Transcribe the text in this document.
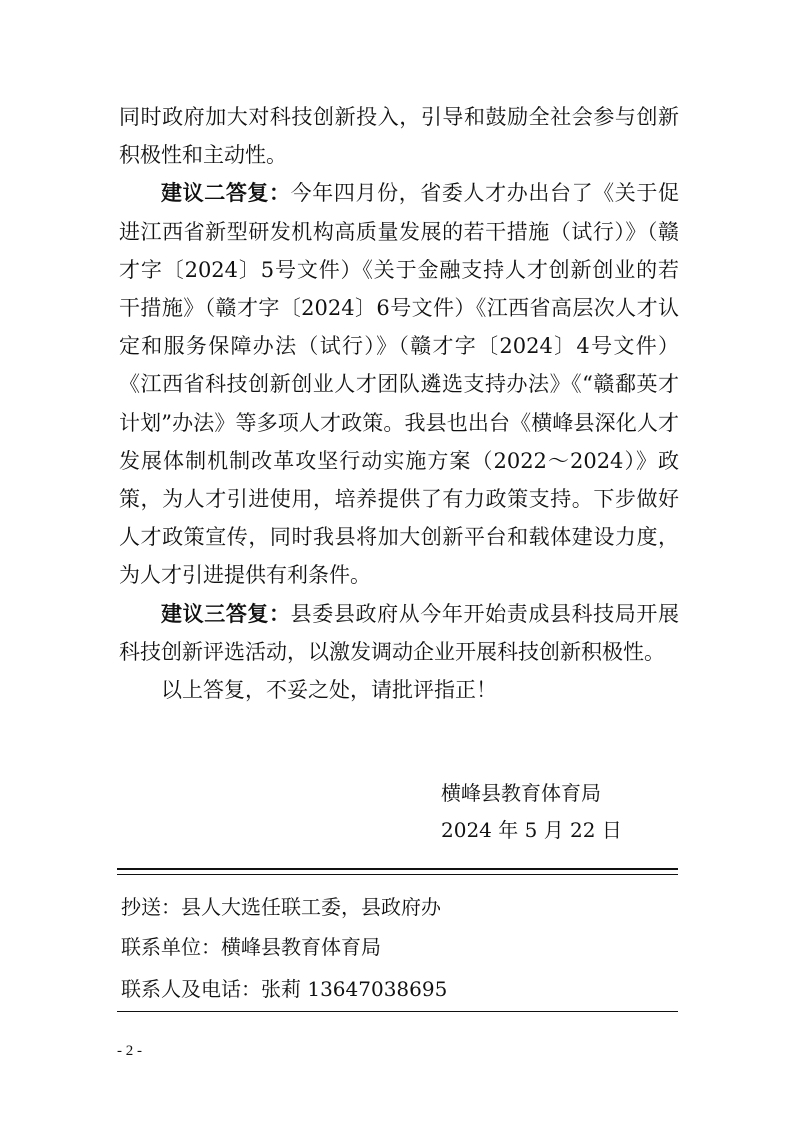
同时政府加大对科技创新投入，引导和鼓励全社会参与创新积极性和主动性。

建议二答复：今年四月份，省委人才办出台了《关于促进江西省新型研发机构高质量发展的若干措施（试行）》（赣才字〔2024〕5号文件）《关于金融支持人才创新创业的若干措施》（赣才字〔2024〕6号文件）《江西省高层次人才认定和服务保障办法（试行）》（赣才字〔2024〕4号文件）《江西省科技创新创业人才团队遴选支持办法》《“赣鄱英才计划”办法》等多项人才政策。我县也出台《横峰县深化人才发展体制机制改革攻坚行动实施方案（2022～2024）》政策，为人才引进使用，培养提供了有力政策支持。下步做好人才政策宣传，同时我县将加大创新平台和载体建设力度，为人才引进提供有利条件。

建议三答复：县委县政府从今年开始责成县科技局开展科技创新评选活动，以激发调动企业开展科技创新积极性。

以上答复，不妥之处，请批评指正！

横峰县教育体育局
2024 年 5 月 22 日
抄送：县人大选任联工委，县政府办
联系单位：横峰县教育体育局
联系人及电话：张莉 13647038695
- 2 -
